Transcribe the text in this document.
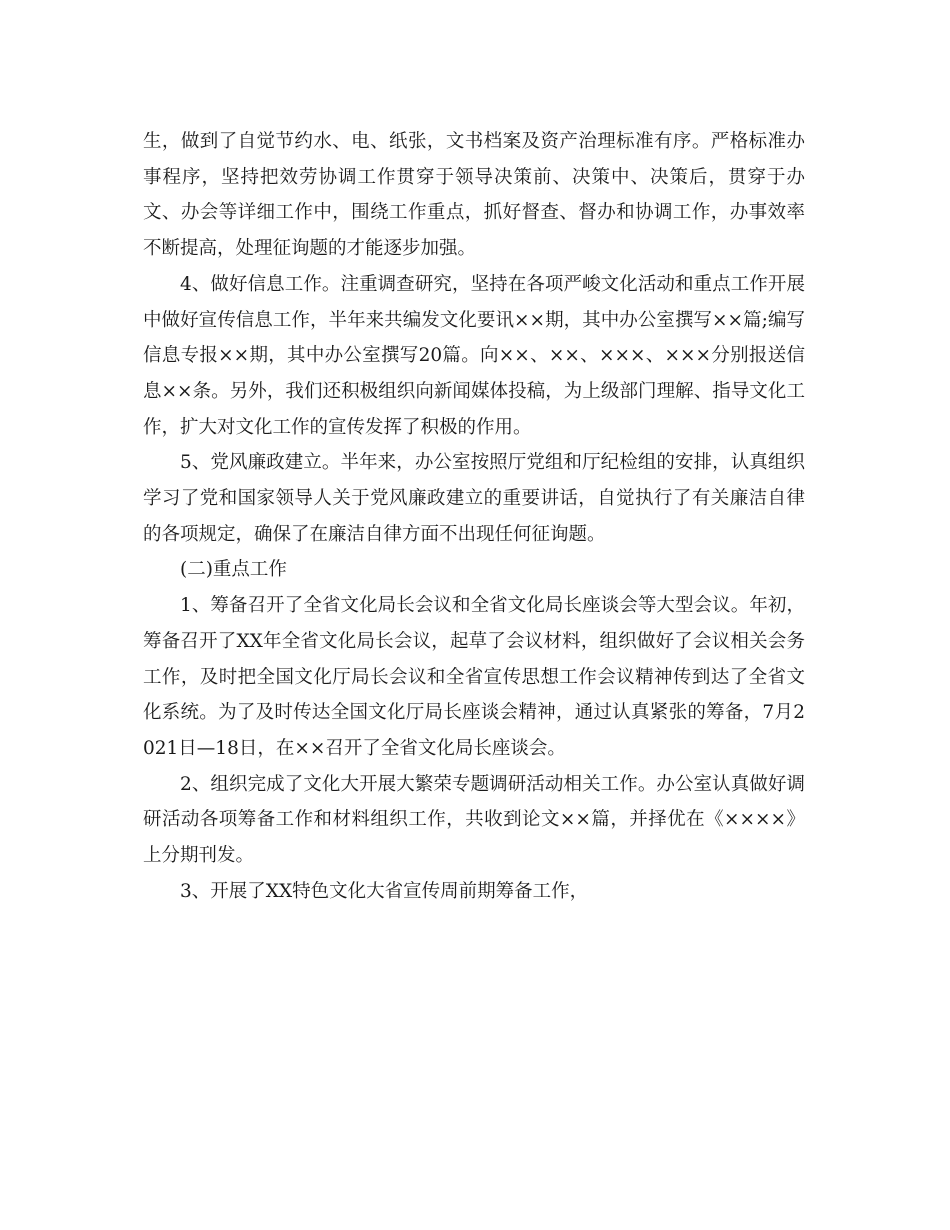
生，做到了自觉节约水、电、纸张，文书档案及资产治理标准有序。严格标准办事程序，坚持把效劳协调工作贯穿于领导决策前、决策中、决策后，贯穿于办文、办会等详细工作中，围绕工作重点，抓好督查、督办和协调工作，办事效率不断提高，处理征询题的才能逐步加强。

4、做好信息工作。注重调查研究，坚持在各项严峻文化活动和重点工作开展中做好宣传信息工作，半年来共编发文化要讯××期，其中办公室撰写××篇;编写信息专报××期，其中办公室撰写20篇。向××、××、×××、×××分别报送信息××条。另外，我们还积极组织向新闻媒体投稿，为上级部门理解、指导文化工作，扩大对文化工作的宣传发挥了积极的作用。

5、党风廉政建立。半年来，办公室按照厅党组和厅纪检组的安排，认真组织学习了党和国家领导人关于党风廉政建立的重要讲话，自觉执行了有关廉洁自律的各项规定，确保了在廉洁自律方面不出现任何征询题。

(二)重点工作

1、筹备召开了全省文化局长会议和全省文化局长座谈会等大型会议。年初，筹备召开了XX年全省文化局长会议，起草了会议材料，组织做好了会议相关会务工作，及时把全国文化厅局长会议和全省宣传思想工作会议精神传到达了全省文化系统。为了及时传达全国文化厅局长座谈会精神，通过认真紧张的筹备，7月2021日—18日，在××召开了全省文化局长座谈会。

2、组织完成了文化大开展大繁荣专题调研活动相关工作。办公室认真做好调研活动各项筹备工作和材料组织工作，共收到论文××篇，并择优在《××××》上分期刊发。

3、开展了XX特色文化大省宣传周前期筹备工作，
